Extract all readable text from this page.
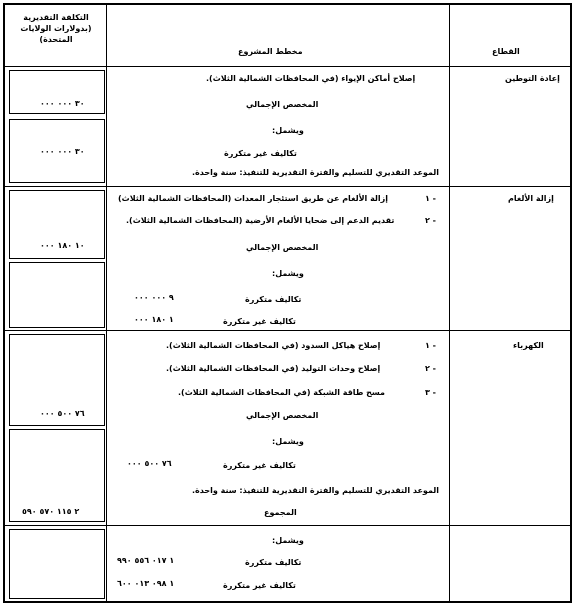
التكلفة التقديرية
(بدولارات الولايات
المتحدة)
مخطط المشروع	القطاع
إعادة التوطين
إصلاح أماكن الإيواء (في المحافظات الشمالية الثلاث).
المخصص الإجمالي
٣٠ ٠٠٠ ٠٠٠
ويشمل:
تكاليف غير متكررة
٣٠ ٠٠٠ ٠٠٠
الموعد التقديري للتسليم والفترة التقديرية للتنفيذ: سنة واحدة.
إزالة الألغام
١ -
إزالة الألغام عن طريق استئجار المعدات (المحافظات الشمالية الثلاث)
٢ -
تقديم الدعم إلى ضحايا الألغام الأرضية (المحافظات الشمالية الثلاث).
المخصص الإجمالي
١٠ ١٨٠ ٠٠٠
ويشمل:
تكاليف متكررة
٩ ٠٠٠ ٠٠٠
تكاليف غير متكررة
١ ١٨٠ ٠٠٠
الكهرباء
١ -
إصلاح هياكل السدود (في المحافظات الشمالية الثلاث).
٢ -
إصلاح وحدات التوليد (في المحافظات الشمالية الثلاث).
٣ -
مسح طاقة الشبكة (في المحافظات الشمالية الثلاث).
المخصص الإجمالي
٧٦ ٥٠٠ ٠٠٠
ويشمل:
تكاليف غير متكررة
٧٦ ٥٠٠ ٠٠٠
الموعد التقديري للتسليم والفترة التقديرية للتنفيذ: سنة واحدة.
المجموع
٢ ١١٥ ٥٧٠ ٥٩٠
ويشمل:
تكاليف متكررة
١ ٠١٧ ٥٥٦ ٩٩٠
تكاليف غير متكررة
١ ٠٩٨ ٠١٣ ٦٠٠
